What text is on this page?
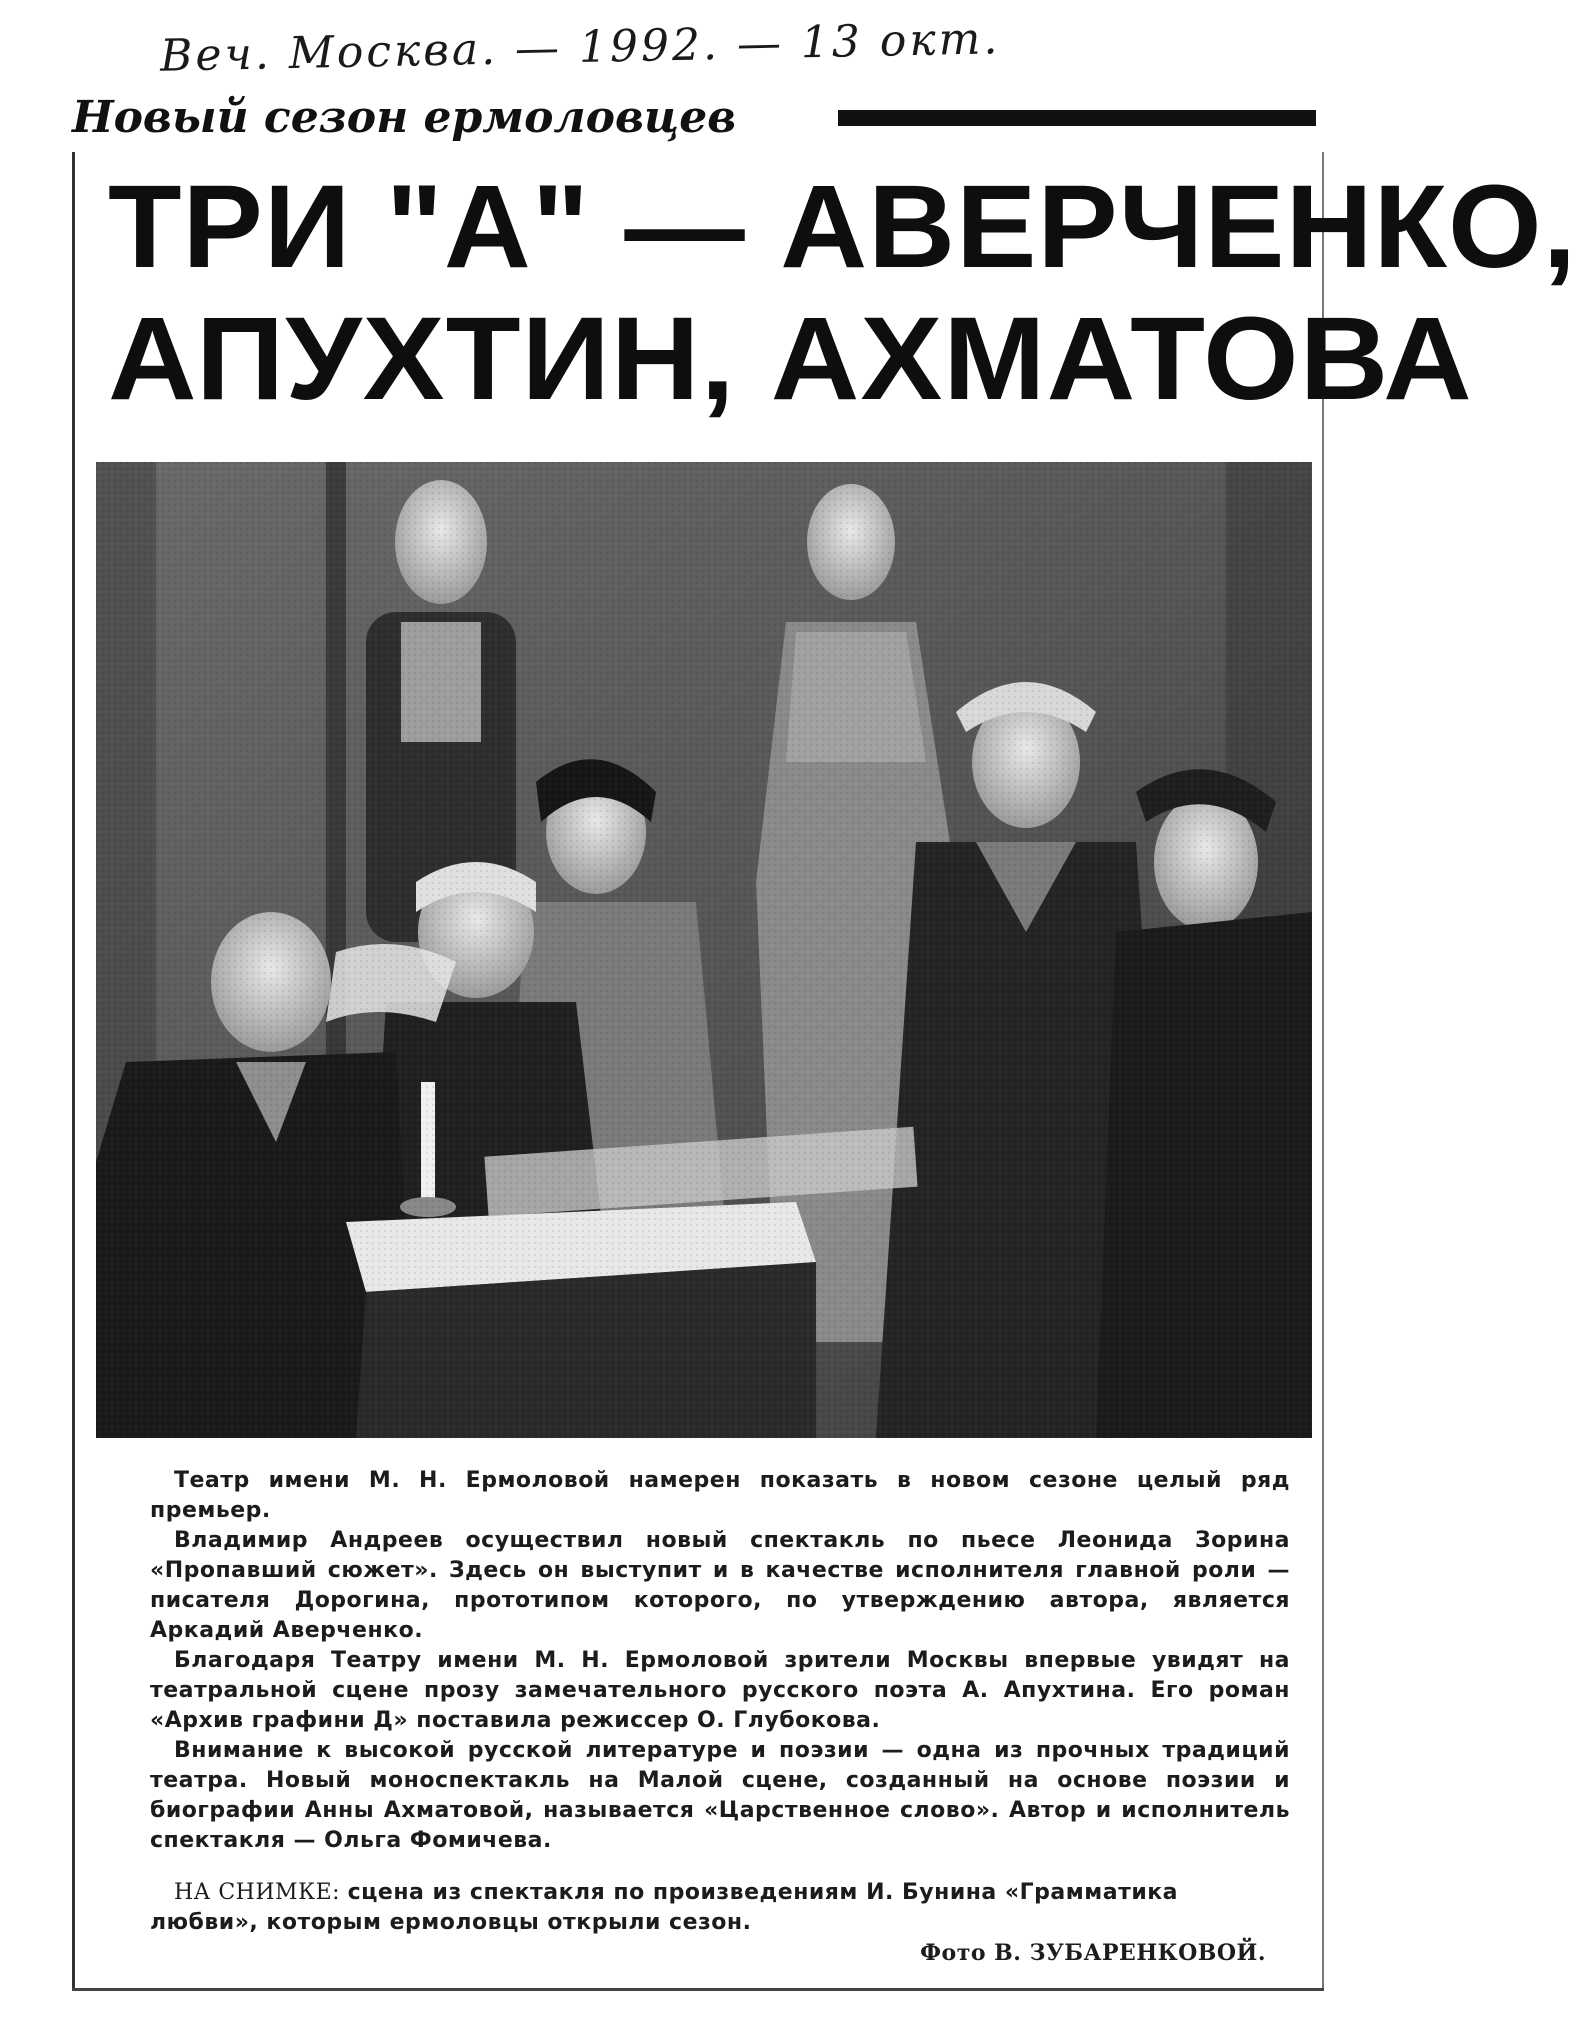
Веч. Москва. — 1992. — 13 окт.
Новый сезон ермоловцев
ТРИ "А" — АВЕРЧЕНКО,
АПУХТИН, АХМАТОВА

Театр имени М. Н. Ермоловой намерен показать в новом сезоне целый ряд премьер.

Владимир Андреев осуществил новый спектакль по пьесе Леонида Зорина «Пропавший сюжет». Здесь он выступит и в качестве исполнителя главной роли — писателя Дорогина, прототипом которого, по утверждению автора, является Аркадий Аверченко.

Благодаря Театру имени М. Н. Ермоловой зрители Москвы впервые увидят на театральной сцене прозу замечательного русского поэта А. Апухтина. Его роман «Архив графини Д» поставила режиссер О. Глубокова.

Внимание к высокой русской литературе и поэзии — одна из прочных традиций театра. Новый моноспектакль на Малой сцене, созданный на основе поэзии и биографии Анны Ахматовой, называется «Царственное слово». Автор и исполнитель спектакля — Ольга Фомичева.

НА СНИМКЕ: сцена из спектакля по произведениям И. Бунина «Грамматика любви», которым ермоловцы открыли сезон.

Фото В. ЗУБАРЕНКОВОЙ.
